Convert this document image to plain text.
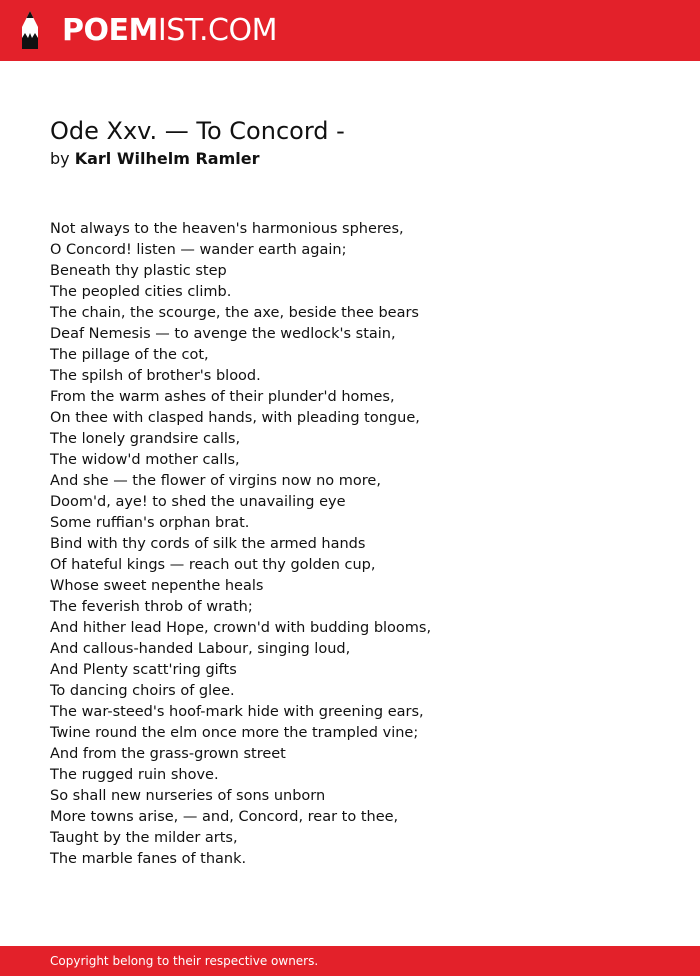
POEMIST.COM
Ode Xxv. — To Concord -
by Karl Wilhelm Ramler
Not always to the heaven's harmonious spheres,
O Concord! listen — wander earth again;
Beneath thy plastic step
The peopled cities climb.
The chain, the scourge, the axe, beside thee bears
Deaf Nemesis — to avenge the wedlock's stain,
The pillage of the cot,
The spilsh of brother's blood.
From the warm ashes of their plunder'd homes,
On thee with clasped hands, with pleading tongue,
The lonely grandsire calls,
The widow'd mother calls,
And she — the flower of virgins now no more,
Doom'd, aye! to shed the unavailing eye
Some ruffian's orphan brat.
Bind with thy cords of silk the armed hands
Of hateful kings — reach out thy golden cup,
Whose sweet nepenthe heals
The feverish throb of wrath;
And hither lead Hope, crown'd with budding blooms,
And callous-handed Labour, singing loud,
And Plenty scatt'ring gifts
To dancing choirs of glee.
The war-steed's hoof-mark hide with greening ears,
Twine round the elm once more the trampled vine;
And from the grass-grown street
The rugged ruin shove.
So shall new nurseries of sons unborn
More towns arise, — and, Concord, rear to thee,
Taught by the milder arts,
The marble fanes of thank.
Copyright belong to their respective owners.
